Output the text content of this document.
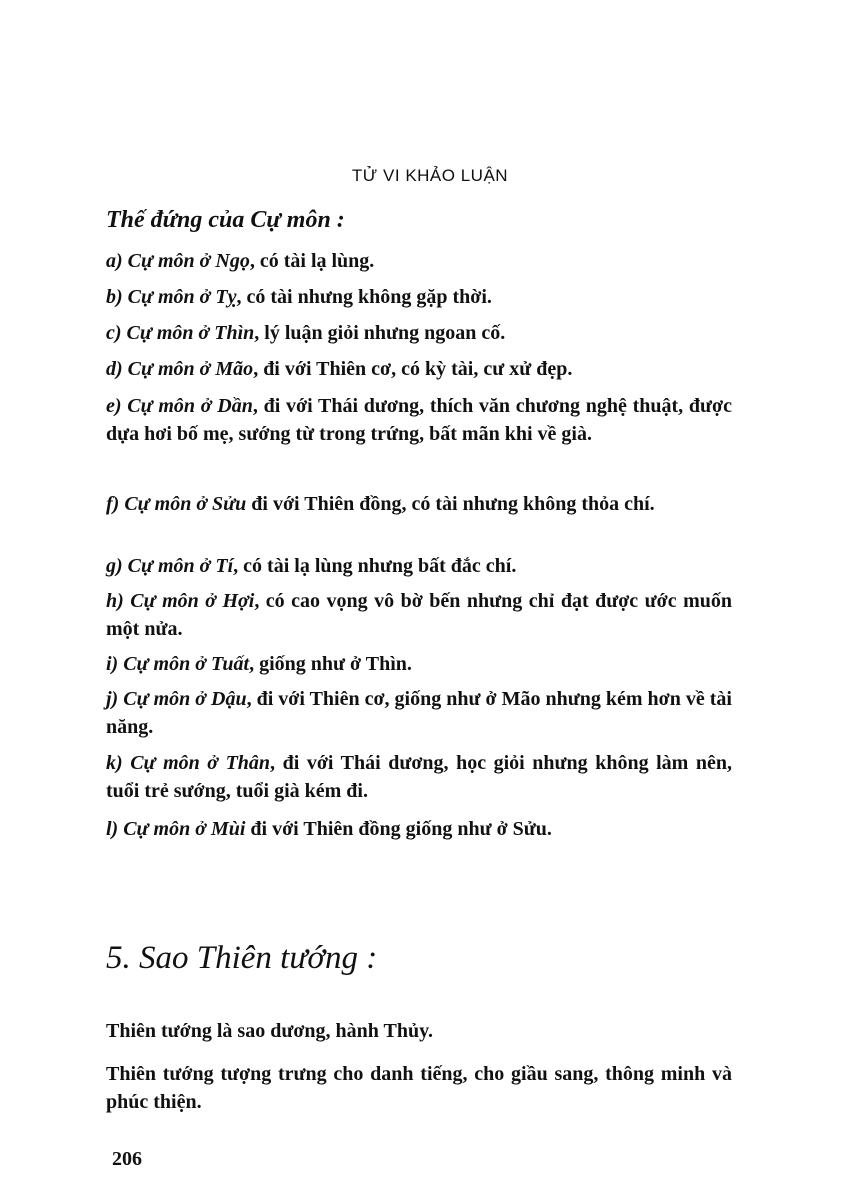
TỬ VI KHẢO LUẬN
Thế đứng của Cự môn :
a) Cự môn ở Ngọ, có tài lạ lùng.
b) Cự môn ở Tỵ, có tài nhưng không gặp thời.
c) Cự môn ở Thìn, lý luận giỏi nhưng ngoan cố.
d) Cự môn ở Mão, đi với Thiên cơ, có kỳ tài, cư xử đẹp.
e) Cự môn ở Dần, đi với Thái dương, thích văn chương nghệ thuật, được dựa hơi bố mẹ, sướng từ trong trứng, bất mãn khi về già.
f) Cự môn ở Sửu đi với Thiên đồng, có tài nhưng không thỏa chí.
g) Cự môn ở Tí, có tài lạ lùng nhưng bất đắc chí.
h) Cự môn ở Hợi, có cao vọng vô bờ bến nhưng chỉ đạt được ước muốn một nửa.
i) Cự môn ở Tuất, giống như ở Thìn.
j) Cự môn ở Dậu, đi với Thiên cơ, giống như ở Mão nhưng kém hơn về tài năng.
k) Cự môn ở Thân, đi với Thái dương, học giỏi nhưng không làm nên, tuổi trẻ sướng, tuổi già kém đi.
l) Cự môn ở Mùi đi với Thiên đồng giống như ở Sửu.
5. Sao Thiên tướng :
Thiên tướng là sao dương, hành Thủy.
Thiên tướng tượng trưng cho danh tiếng, cho giầu sang, thông minh và phúc thiện.
206
